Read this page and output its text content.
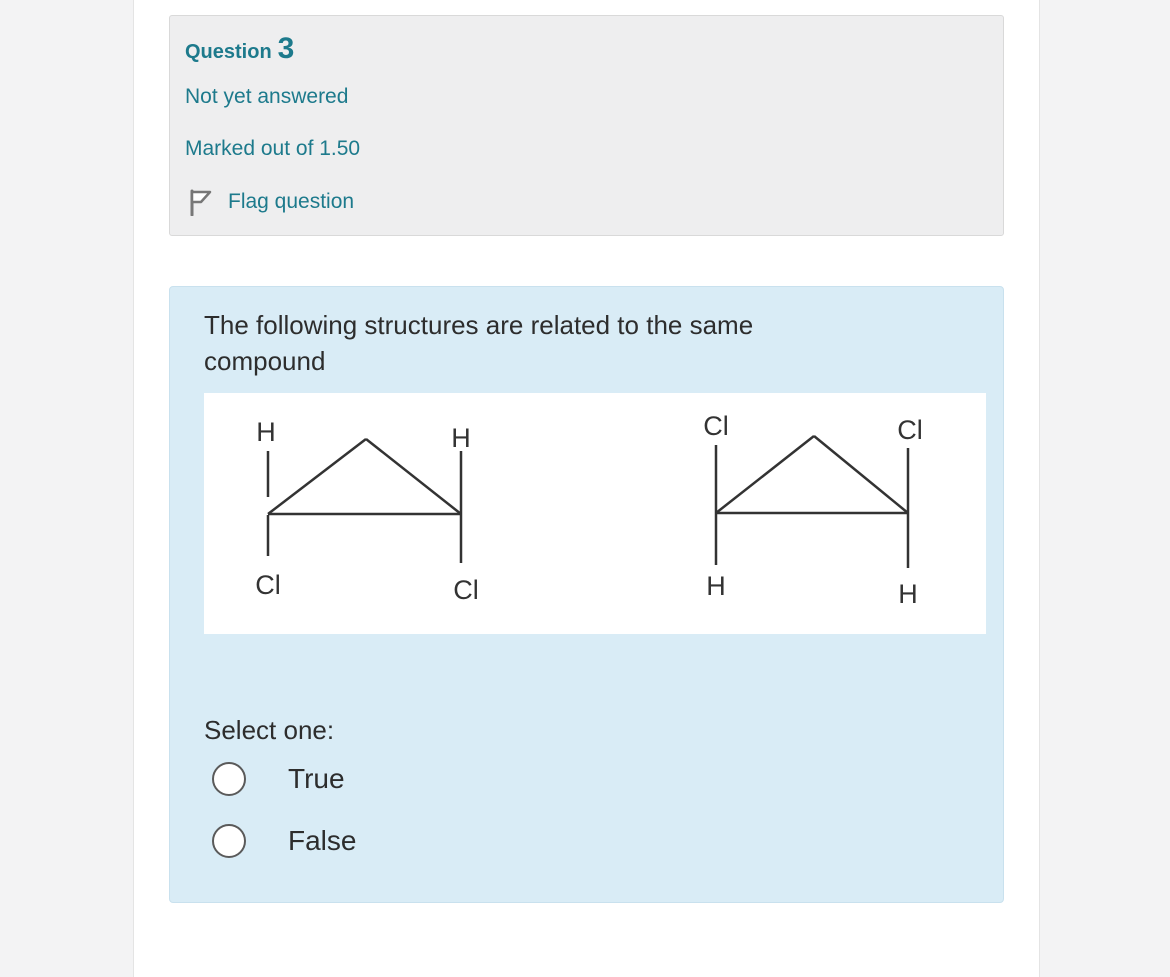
Question 3
Not yet answered
Marked out of 1.50
Flag question
The following structures are related to the same compound
H	H
Cl	Cl
Cl	Cl
H	H
Select one:
True
False
